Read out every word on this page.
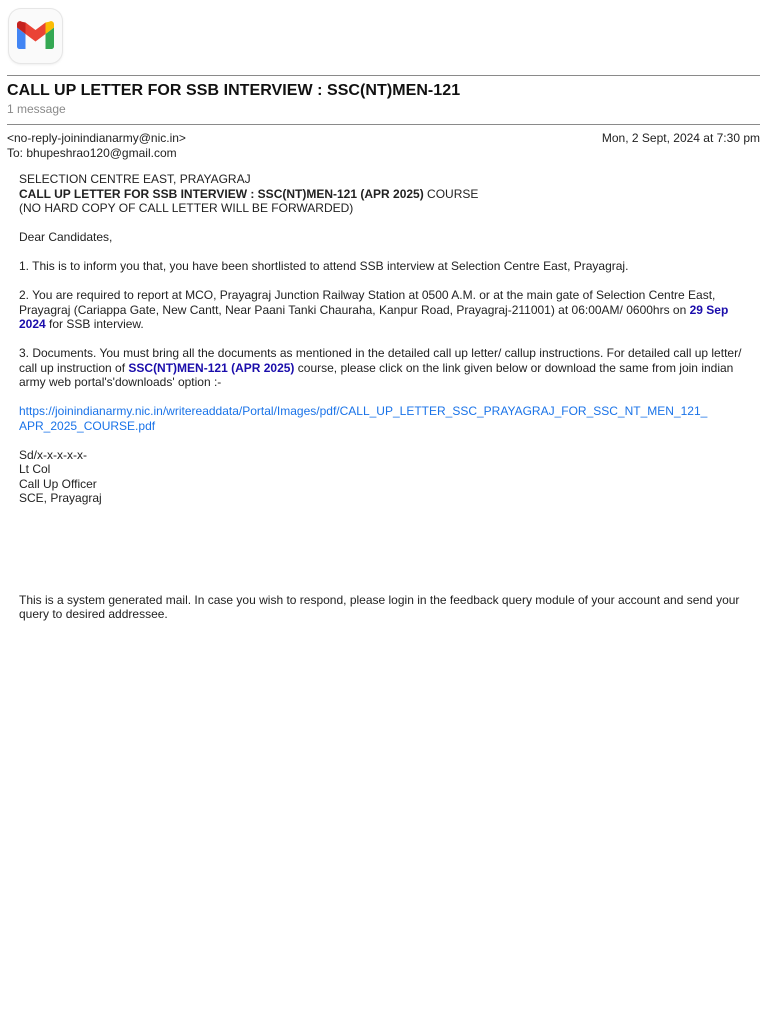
CALL UP LETTER FOR SSB INTERVIEW : SSC(NT)MEN-121
1 message
<no-reply-joinindianarmy@nic.in>
To: bhupeshrao120@gmail.com
Mon, 2 Sept, 2024 at 7:30 pm

SELECTION CENTRE EAST, PRAYAGRAJ

CALL UP LETTER FOR SSB INTERVIEW : SSC(NT)MEN-121 (APR 2025) COURSE

(NO HARD COPY OF CALL LETTER WILL BE FORWARDED)

Dear Candidates,

1. This is to inform you that, you have been shortlisted to attend SSB interview at Selection Centre East, Prayagraj.

2. You are required to report at MCO, Prayagraj Junction Railway Station at 0500 A.M. or at the main gate of Selection Centre East, Prayagraj (Cariappa Gate, New Cantt, Near Paani Tanki Chauraha, Kanpur Road, Prayagraj-211001) at 06:00AM/ 0600hrs on 29 Sep 2024 for SSB interview.

3. Documents. You must bring all the documents as mentioned in the detailed call up letter/ callup instructions. For detailed call up letter/ call up instruction of SSC(NT)MEN-121 (APR 2025) course, please click on the link given below or download the same from join indian army web portal's'downloads' option :-

https://joinindianarmy.nic.in/writereaddata/Portal/Images/pdf/CALL_UP_LETTER_SSC_PRAYAGRAJ_FOR_SSC_NT_MEN_121_
APR_2025_COURSE.pdf

Sd/x-x-x-x-x-

Lt Col

Call Up Officer

SCE, Prayagraj

This is a system generated mail. In case you wish to respond, please login in the feedback query module of your account and send your query to desired addressee.
